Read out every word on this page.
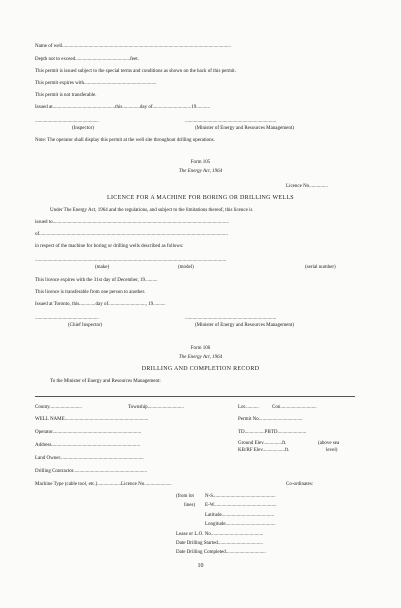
Name of well.......................................................................................................................................
Depth not to exceed............................................feet.
This permit is issued subject to the special terms and conditions as shown on the back of this permit.
This permit expires with..........................................................
This permit is not transferable.
Issued at..................................................this..............day of...............................19...........
...................................................	.........................................................................
(Inspector)	(Minister of Energy and Resources Management)
Note: The operator shall display this permit at the well site throughout drilling operations.
Form 105
The Energy Act, 1964
Licence No...............
LICENCE FOR A MACHINE FOR BORING OR DRILLING WELLS
Under The Energy Act, 1964 and the regulations, and subject to the limitations thereof, this licence is
issued to.............................................................................................................................................
of.......................................................................................................................................................
in respect of the machine for boring or drilling wells described as follows:
.........................................................................................................................................................
(make)	(model)	(serial number)
This licence expires with the 31st day of December, 19..........
This licence is transferable from one person to another.
Issued at Toronto, this.............day of.............................., 19..........
...................................................	.........................................................................
(Chief Inspector)	(Minister of Energy and Resources Management)
Form 106
The Energy Act, 1964
DRILLING AND COMPLETION RECORD
To the Minister of Energy and Resources Management:
County..........................	Township.............................	Lot...........	Con.............................
WELL NAME...................................................................	Permit No...................................
Operator.......................................................................	TD................PBTD.......................
Address.......................................................................	Ground Elev...............ft.
KB/RF Elev..................ft.
(above sea
level)
Land Owner...................................................................
Drilling Contractor...........................................................
Machine Type (cable tool, etc.)...................Licence No......................	Co-ordinates:
(from lot
lines)
N-S..................................................
E-W..................................................
Latitude..........................................
Longitude........................................
Lease or L.O. No..........................................
Date Drilling Started....................................
Date Drilling Completed................................
10
